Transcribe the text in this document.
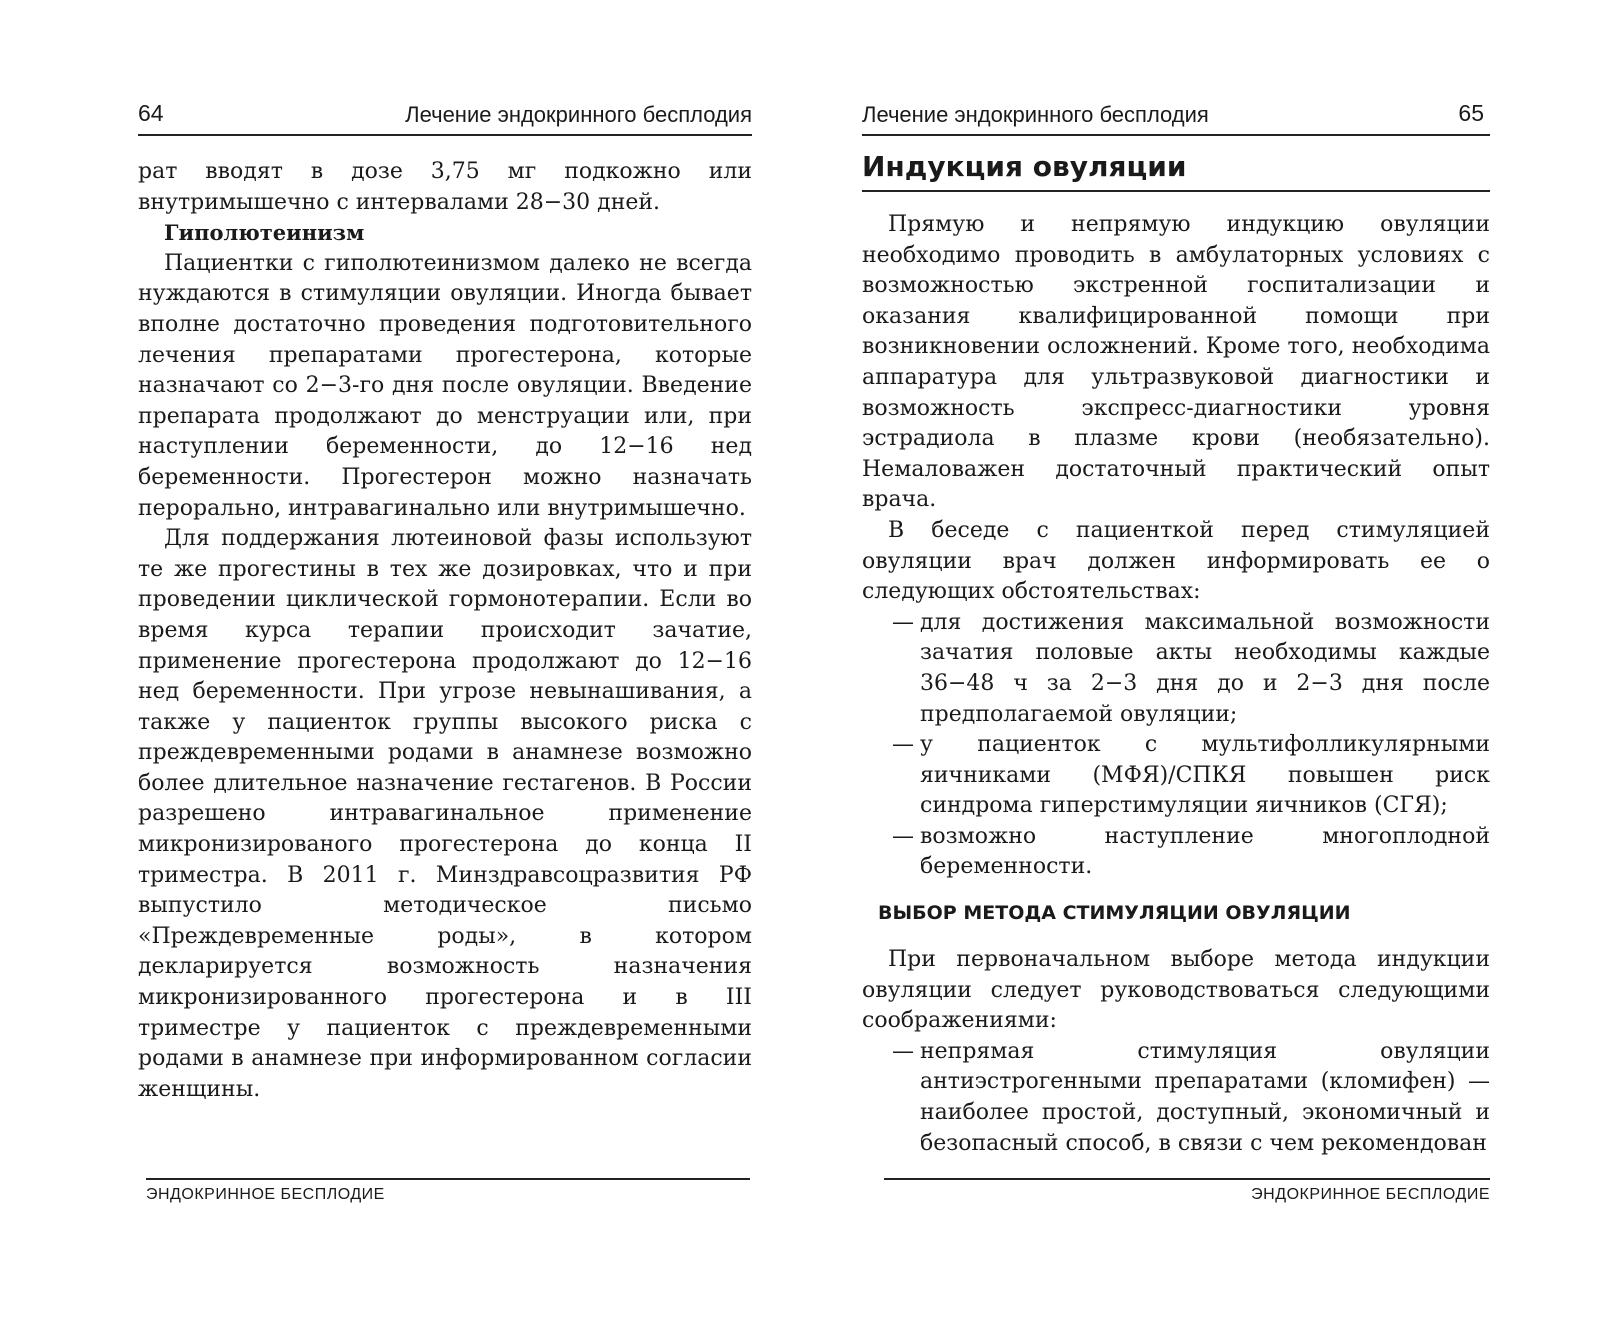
64	Лечение эндокринного бесплодия

рат вводят в дозе 3,75 мг подкожно или внутримышечно с интервалами 28−30 дней.

Гиполютеинизм

Пациентки с гиполютеинизмом далеко не всегда нуждаются в стимуляции овуляции. Иногда бывает вполне достаточно проведения подготовительного лечения препаратами прогестерона, которые назначают со 2−3-го дня после овуляции. Введение препарата продолжают до менструации или, при наступлении беременности, до 12−16 нед беременности. Прогестерон можно назначать перорально, интравагинально или внутримышечно.

Для поддержания лютеиновой фазы используют те же прогестины в тех же дозировках, что и при проведении циклической гормонотерапии. Если во время курса терапии происходит зачатие, применение прогестерона продолжают до 12−16 нед беременности. При угрозе невынашивания, а также у пациенток группы высокого риска с преждевременными родами в анамнезе возможно более длительное назначение гестагенов. В России разрешено интравагинальное применение микронизированого прогестерона до конца II триместра. В 2011 г. Минздравсоцразвития РФ выпустило методическое письмо «Преждевременные роды», в котором декларируется возможность назначения микронизированного прогестерона и в III триместре у пациенток с преждевременными родами в анамнезе при информированном согласии женщины.

ЭНДОКРИННОЕ БЕСПЛОДИЕ
Лечение эндокринного бесплодия	65
Индукция овуляции

Прямую и непрямую индукцию овуляции необходимо проводить в амбулаторных условиях с возможностью экстренной госпитализации и оказания квалифицированной помощи при возникновении осложнений. Кроме того, необходима аппаратура для ультразвуковой диагностики и возможность экспресс-диагностики уровня эстрадиола в плазме крови (необязательно). Немаловажен достаточный практический опыт врача.

В беседе с пациенткой перед стимуляцией овуляции врач должен информировать ее о следующих обстоятельствах:

— для достижения максимальной возможности зачатия половые акты необходимы каждые 36−48 ч за 2−3 дня до и 2−3 дня после предполагаемой овуляции;
— у пациенток с мультифолликулярными яичниками (МФЯ)/СПКЯ повышен риск синдрома гиперстимуляции яичников (СГЯ);
— возможно наступление многоплодной беременности.
ВЫБОР МЕТОДА СТИМУЛЯЦИИ ОВУЛЯЦИИ

При первоначальном выборе метода индукции овуляции следует руководствоваться следующими соображениями:

— непрямая стимуляция овуляции антиэстрогенными препаратами (кломифен) — наиболее простой, доступный, экономичный и безопасный способ, в связи с чем рекомендован
ЭНДОКРИННОЕ БЕСПЛОДИЕ
